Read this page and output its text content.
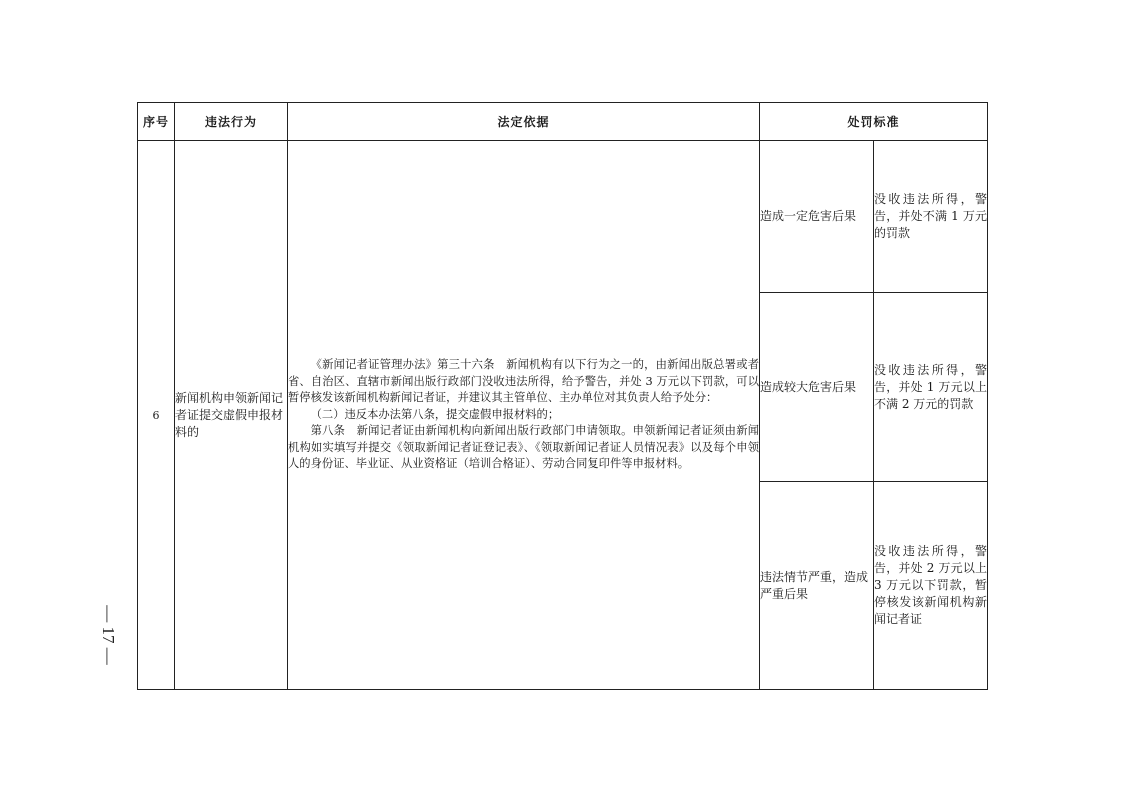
序号	违法行为	法定依据	处罚标准	
6	新闻机构申领新闻记者证提交虚假申报材料的	《新闻记者证管理办法》第三十六条　新闻机构有以下行为之一的，由新闻出版总署或者省、自治区、直辖市新闻出版行政部门没收违法所得，给予警告，并处 3 万元以下罚款，可以暂停核发该新闻机构新闻记者证，并建议其主管单位、主办单位对其负责人给予处分：

（二）违反本办法第八条，提交虚假申报材料的；

第八条　新闻记者证由新闻机构向新闻出版行政部门申请领取。申领新闻记者证须由新闻机构如实填写并提交《领取新闻记者证登记表》、《领取新闻记者证人员情况表》以及每个申领人的身份证、毕业证、从业资格证（培训合格证）、劳动合同复印件等申报材料。	造成一定危害后果	没收违法所得，警告，并处不满 1 万元的罚款
			造成较大危害后果	没收违法所得，警告，并处 1 万元以上不满 2 万元的罚款
			违法情节严重，造成严重后果	没收违法所得，警告，并处 2 万元以上 3 万元以下罚款，暂停核发该新闻机构新闻记者证
— 17 —
